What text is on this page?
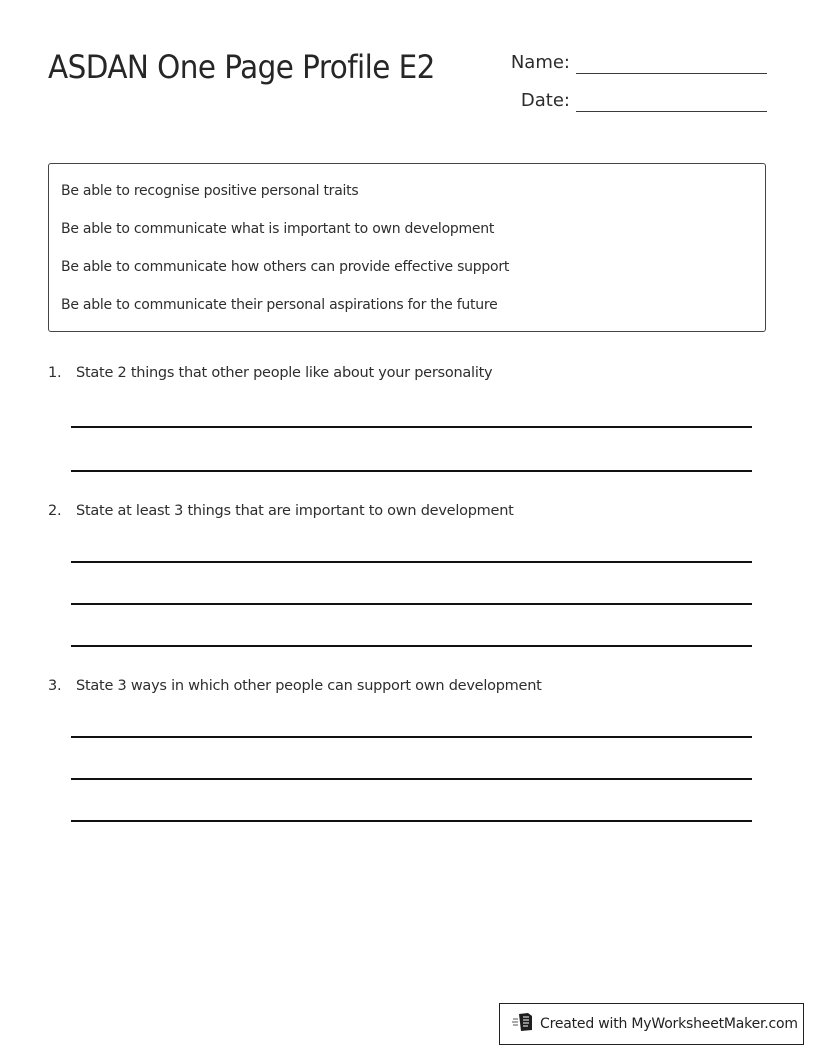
ASDAN One Page Profile E2	Name:
Date:
Be able to recognise positive personal traits
Be able to communicate what is important to own development
Be able to communicate how others can provide effective support
Be able to communicate their personal aspirations for the future
1.	State 2 things that other people like about your personality
2.	State at least 3 things that are important to own development
3.	State 3 ways in which other people can support own development
Created with MyWorksheetMaker.com
